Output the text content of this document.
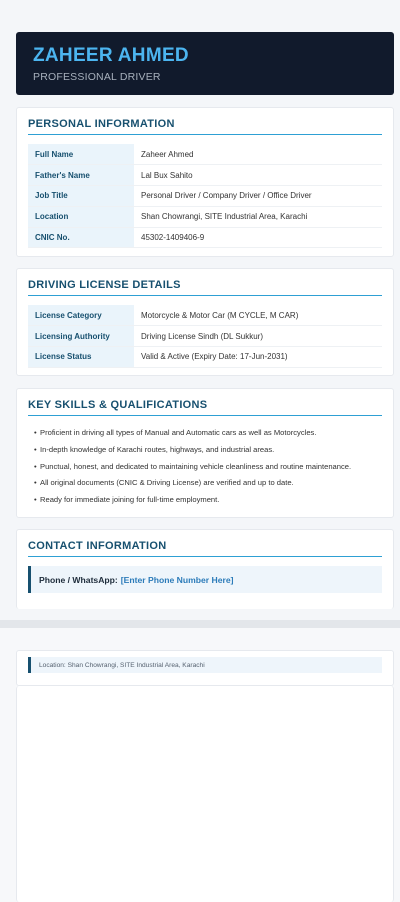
ZAHEER AHMED
PROFESSIONAL DRIVER
PERSONAL INFORMATION
Full Name	Zaheer Ahmed
Father's Name	Lal Bux Sahito
Job Title	Personal Driver / Company Driver / Office Driver
Location	Shan Chowrangi, SITE Industrial Area, Karachi
CNIC No.	45302-1409406-9
DRIVING LICENSE DETAILS
License Category	Motorcycle & Motor Car (M CYCLE, M CAR)
Licensing Authority	Driving License Sindh (DL Sukkur)
License Status	Valid & Active (Expiry Date: 17-Jun-2031)
KEY SKILLS & QUALIFICATIONS
• Proficient in driving all types of Manual and Automatic cars as well as Motorcycles.
• In-depth knowledge of Karachi routes, highways, and industrial areas.
• Punctual, honest, and dedicated to maintaining vehicle cleanliness and routine maintenance.
• All original documents (CNIC & Driving License) are verified and up to date.
• Ready for immediate joining for full-time employment.
CONTACT INFORMATION
Phone / WhatsApp: [Enter Phone Number Here]
Location: Shan Chowrangi, SITE Industrial Area, Karachi
